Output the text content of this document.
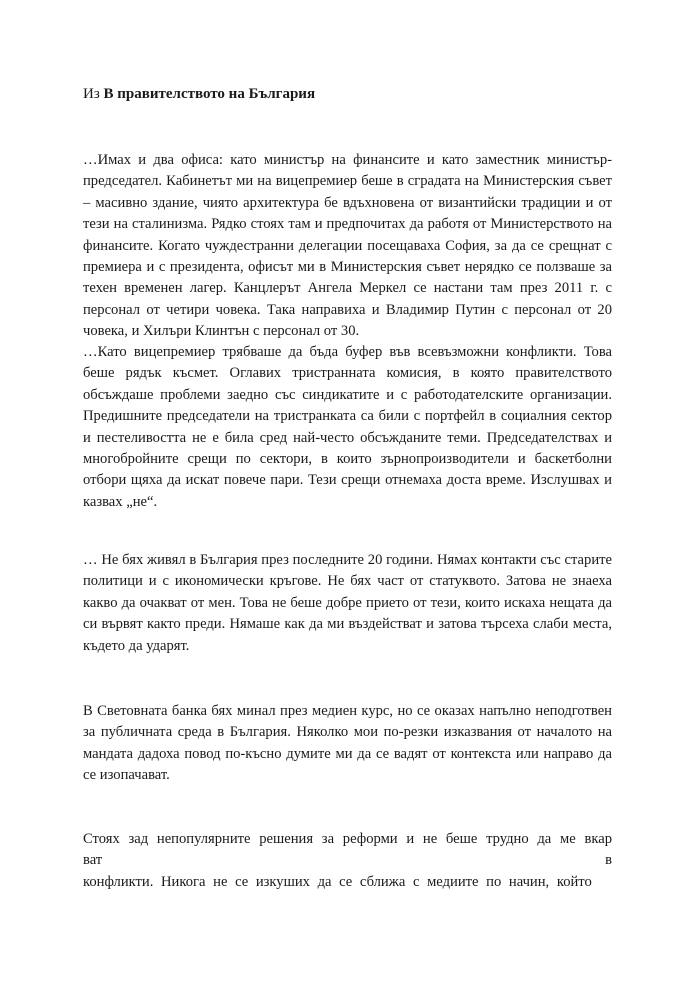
Из В правителството на България

…Имах и два офиса: като министър на финансите и като заместник министър-председател. Кабинетът ми на вицепремиер беше в сградата на Министерския съвет – масивно здание, чиято архитектура бе вдъхновена от византийски традиции и от тези на сталинизма. Рядко стоях там и предпочитах да работя от Министерството на финансите. Когато чуждестранни делегации посещаваха София, за да се срещнат с премиера и с президента, офисът ми в Министерския съвет нерядко се ползваше за техен временен лагер. Канцлерът Ангела Меркел се настани там през 2011 г. с персонал от четири човека. Така направиха и Владимир Путин с персонал от 20 човека, и Хилъри Клинтън с персонал от 30.

…Като вицепремиер трябваше да бъда буфер във всевъзможни конфликти. Това беше рядък късмет. Оглавих тристранната комисия, в която правителството обсъждаше проблеми заедно със синдикатите и с работодателските организации. Предишните председатели на тристранката са били с портфейл в социалния сектор и пестеливостта не е била сред най-често обсъжданите теми. Председателствах и многобройните срещи по сектори, в които зърнопроизводители и баскетболни отбори щяха да искат повече пари. Тези срещи отнемаха доста време. Изслушвах и казвах „не“.

… Не бях живял в България през последните 20 години. Нямах контакти със старите политици и с икономически кръгове. Не бях част от статуквото. Затова не знаеха какво да очакват от мен. Това не беше добре прието от тези, които искаха нещата да си вървят както преди. Нямаше как да ми въздействат и затова търсеха слаби места, където да ударят.

В Световната банка бях минал през медиен курс, но се оказах напълно неподготвен за публичната среда в България. Няколко мои по-резки изказвания от началото на мандата дадоха повод по-късно думите ми да се вадят от контекста или направо да се изопачават.

Стоях зад непопулярните решения за реформи и не беше трудно да ме вкар
ват	в
конфликти. Никога не се изкуших да се сближа с медиите по начин, който
